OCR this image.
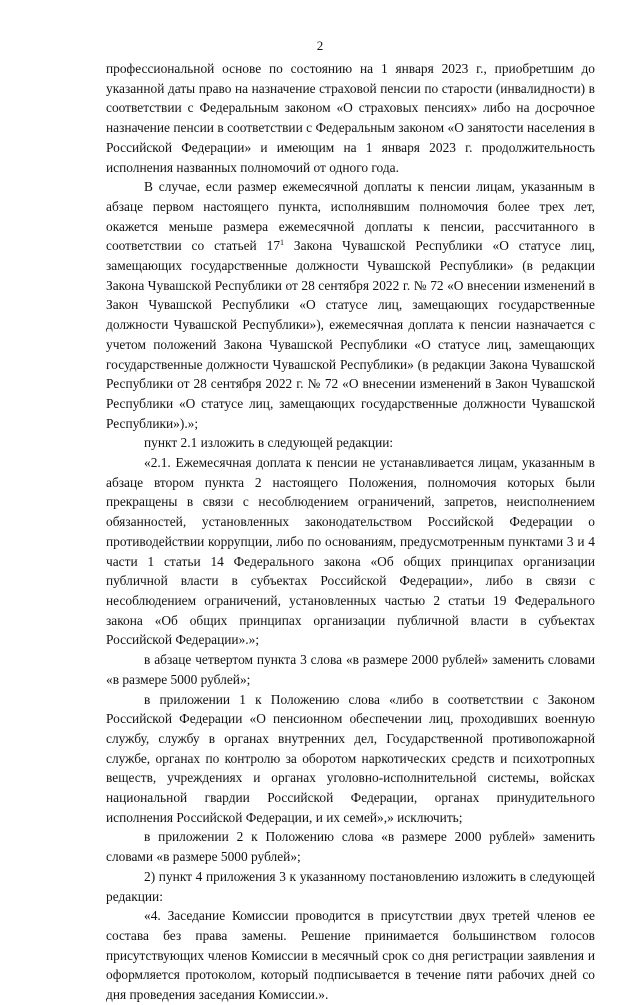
2

профессиональной основе по состоянию на 1 января 2023 г., приобретшим до указанной даты право на назначение страховой пенсии по старости (инвалидности) в соответствии с Федеральным законом «О страховых пенсиях» либо на досрочное назначение пенсии в соответствии с Федеральным законом «О занятости населения в Российской Федерации» и имеющим на 1 января 2023 г. продолжительность исполнения названных полномочий от одного года.

В случае, если размер ежемесячной доплаты к пенсии лицам, указанным в абзаце первом настоящего пункта, исполнявшим полномочия более трех лет, окажется меньше размера ежемесячной доплаты к пенсии, рассчитанного в соответствии со статьей $17^1$ Закона Чувашской Республики «О статусе лиц, замещающих государственные должности Чувашской Республики» (в редакции Закона Чувашской Республики от 28 сентября 2022 г. № 72 «О внесении изменений в Закон Чувашской Республики «О статусе лиц, замещающих государственные должности Чувашской Республики»), ежемесячная доплата к пенсии назначается с учетом положений Закона Чувашской Республики «О статусе лиц, замещающих государственные должности Чувашской Республики» (в редакции Закона Чувашской Республики от 28 сентября 2022 г. № 72 «О внесении изменений в Закон Чувашской Республики «О статусе лиц, замещающих государственные должности Чувашской Республики»).»;

пункт 2.1 изложить в следующей редакции:

«2.1. Ежемесячная доплата к пенсии не устанавливается лицам, указанным в абзаце втором пункта 2 настоящего Положения, полномочия которых были прекращены в связи с несоблюдением ограничений, запретов, неисполнением обязанностей, установленных законодательством Российской Федерации о противодействии коррупции, либо по основаниям, предусмотренным пунктами 3 и 4 части 1 статьи 14 Федерального закона «Об общих принципах организации публичной власти в субъектах Российской Федерации», либо в связи с несоблюдением ограничений, установленных частью 2 статьи 19 Федерального закона «Об общих принципах организации публичной власти в субъектах Российской Федерации».»;

в абзаце четвертом пункта 3 слова «в размере 2000 рублей» заменить словами «в размере 5000 рублей»;

в приложении 1 к Положению слова «либо в соответствии с Законом Российской Федерации «О пенсионном обеспечении лиц, проходивших военную службу, службу в органах внутренних дел, Государственной противопожарной службе, органах по контролю за оборотом наркотических средств и психотропных веществ, учреждениях и органах уголовно-исполнительной системы, войсках национальной гвардии Российской Федерации, органах принудительного исполнения Российской Федерации, и их семей»,» исключить;

в приложении 2 к Положению слова «в размере 2000 рублей» заменить словами «в размере 5000 рублей»;

2) пункт 4 приложения 3 к указанному постановлению изложить в следующей редакции:

«4. Заседание Комиссии проводится в присутствии двух третей членов ее состава без права замены. Решение принимается большинством голосов присутствующих членов Комиссии в месячный срок со дня регистрации заявления и оформляется протоколом, который подписывается в течение пяти рабочих дней со дня проведения заседания Комиссии.».
